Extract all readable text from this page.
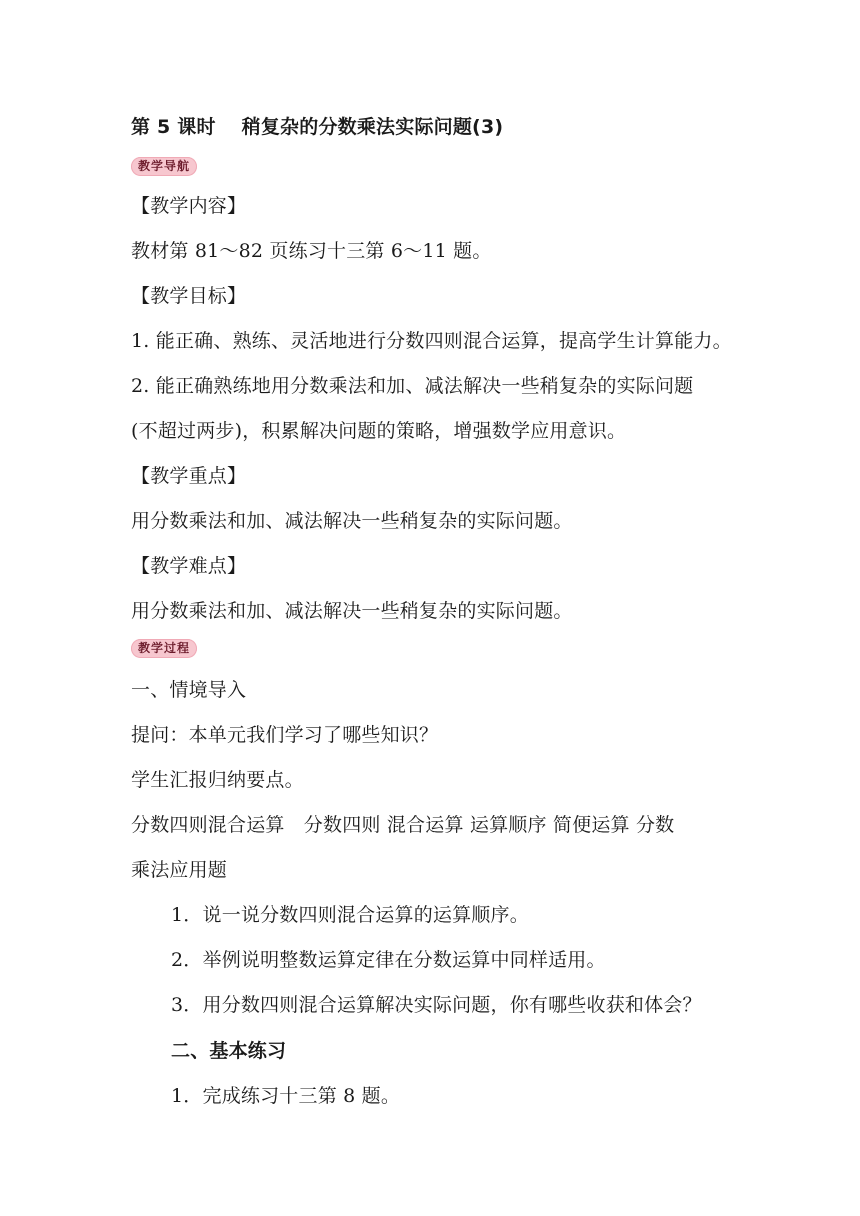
第 5 课时 稍复杂的分数乘法实际问题(3)
教学导航
【教学内容】
教材第 81～82 页练习十三第 6～11 题。
【教学目标】
1. 能正确、熟练、灵活地进行分数四则混合运算，提高学生计算能力。
2. 能正确熟练地用分数乘法和加、减法解决一些稍复杂的实际问题
(不超过两步)，积累解决问题的策略，增强数学应用意识。
【教学重点】
用分数乘法和加、减法解决一些稍复杂的实际问题。
【教学难点】
用分数乘法和加、减法解决一些稍复杂的实际问题。
教学过程
一、情境导入
提问：本单元我们学习了哪些知识？
学生汇报归纳要点。
分数四则混合运算　分数四则 混合运算 运算顺序 简便运算 分数
乘法应用题
1．说一说分数四则混合运算的运算顺序。
2．举例说明整数运算定律在分数运算中同样适用。
3．用分数四则混合运算解决实际问题，你有哪些收获和体会？
二、基本练习
1．完成练习十三第 8 题。
